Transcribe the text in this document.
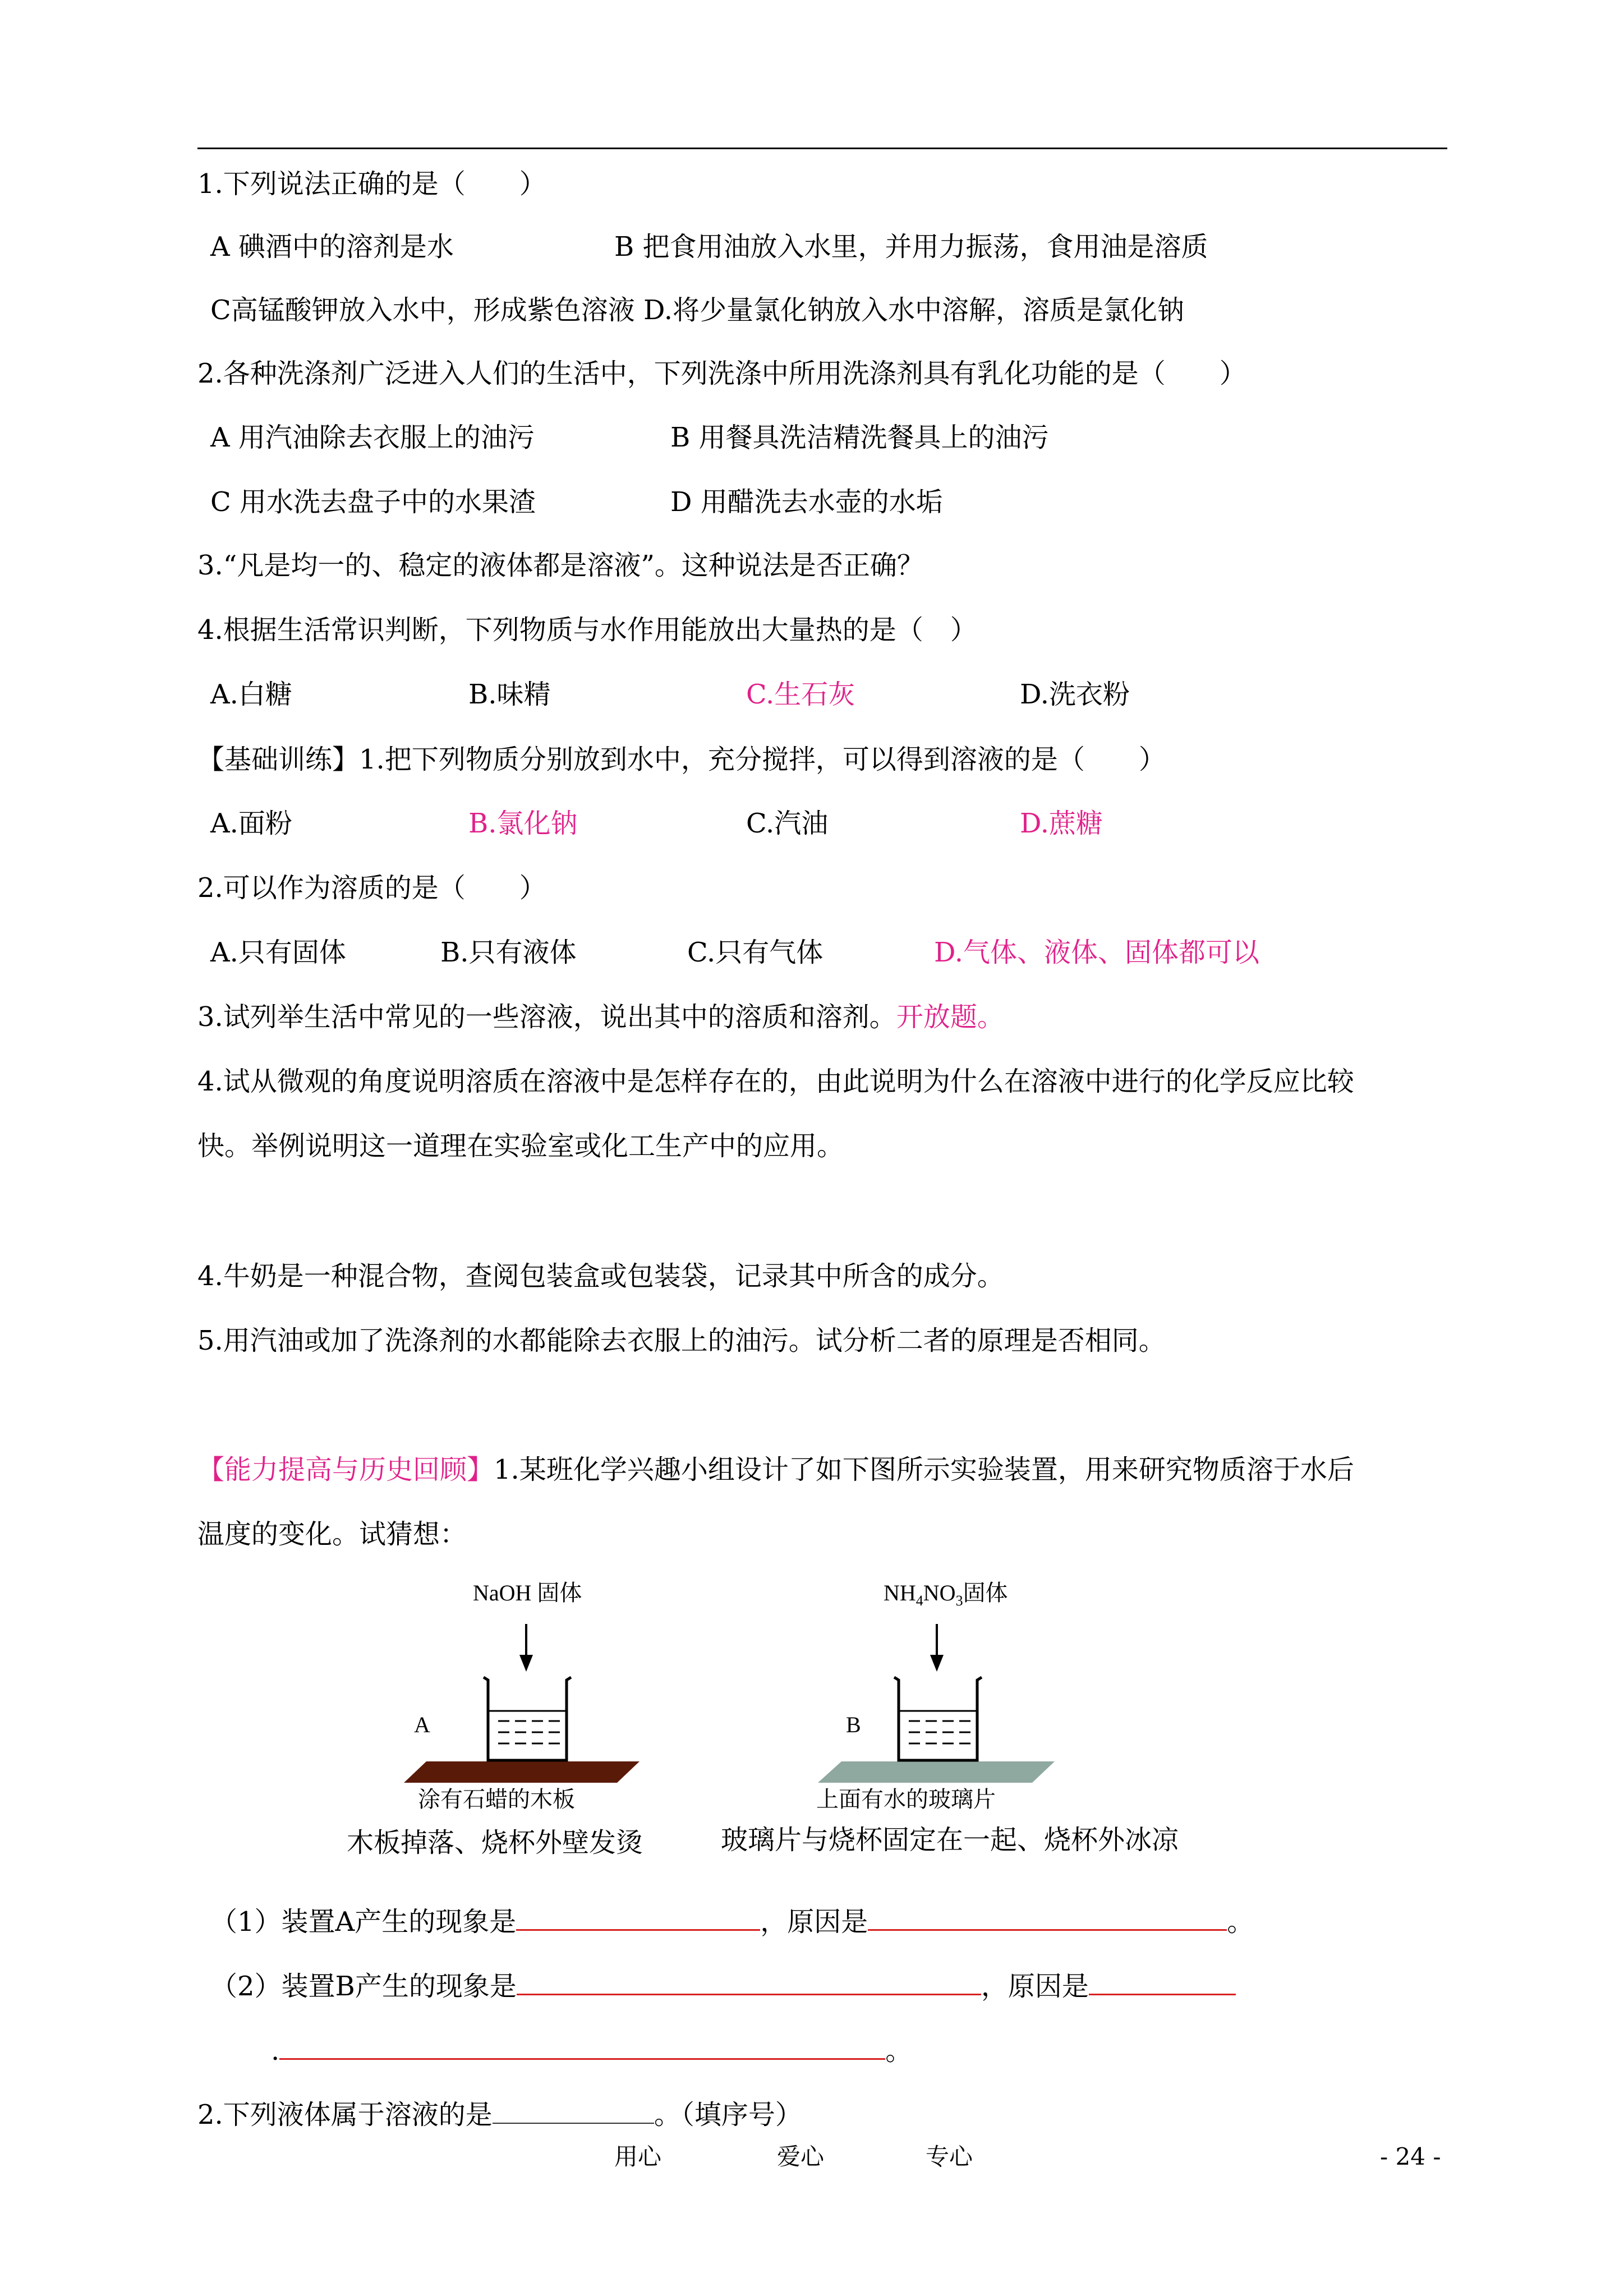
1.下列说法正确的是（　　）
A 碘酒中的溶剂是水	B 把食用油放入水里，并用力振荡，食用油是溶质
C高锰酸钾放入水中，形成紫色溶液 D.将少量氯化钠放入水中溶解，溶质是氯化钠
2.各种洗涤剂广泛进入人们的生活中，下列洗涤中所用洗涤剂具有乳化功能的是（　　）
A 用汽油除去衣服上的油污	B 用餐具洗洁精洗餐具上的油污
C 用水洗去盘子中的水果渣	D 用醋洗去水壶的水垢
3.“凡是均一的、稳定的液体都是溶液”。这种说法是否正确？
4.根据生活常识判断，下列物质与水作用能放出大量热的是（　）
A.白糖	B.味精	C.生石灰	D.洗衣粉
【基础训练】1.把下列物质分别放到水中，充分搅拌，可以得到溶液的是（　　）
A.面粉	B.氯化钠	C.汽油	D.蔗糖
2.可以作为溶质的是（　　）
A.只有固体	B.只有液体	C.只有气体	D.气体、液体、固体都可以
3.试列举生活中常见的一些溶液，说出其中的溶质和溶剂。开放题。
4.试从微观的角度说明溶质在溶液中是怎样存在的，由此说明为什么在溶液中进行的化学反应比较
快。举例说明这一道理在实验室或化工生产中的应用。
4.牛奶是一种混合物，查阅包装盒或包装袋，记录其中所含的成分。
5.用汽油或加了洗涤剂的水都能除去衣服上的油污。试分析二者的原理是否相同。
【能力提高与历史回顾】1.某班化学兴趣小组设计了如下图所示实验装置，用来研究物质溶于水后
温度的变化。试猜想：
NaOH 固体	$NH_4NO_3$固体
A	B
涂有石蜡的木板	上面有水的玻璃片
木板掉落、烧杯外壁发烫	玻璃片与烧杯固定在一起、烧杯外冰凉
（1）装置A产生的现象是	，原因是	。
（2）装置B产生的现象是	，原因是
.	。
2.下列液体属于溶液的是	。（填序号）
用心	爱心	专心	- 24 -
